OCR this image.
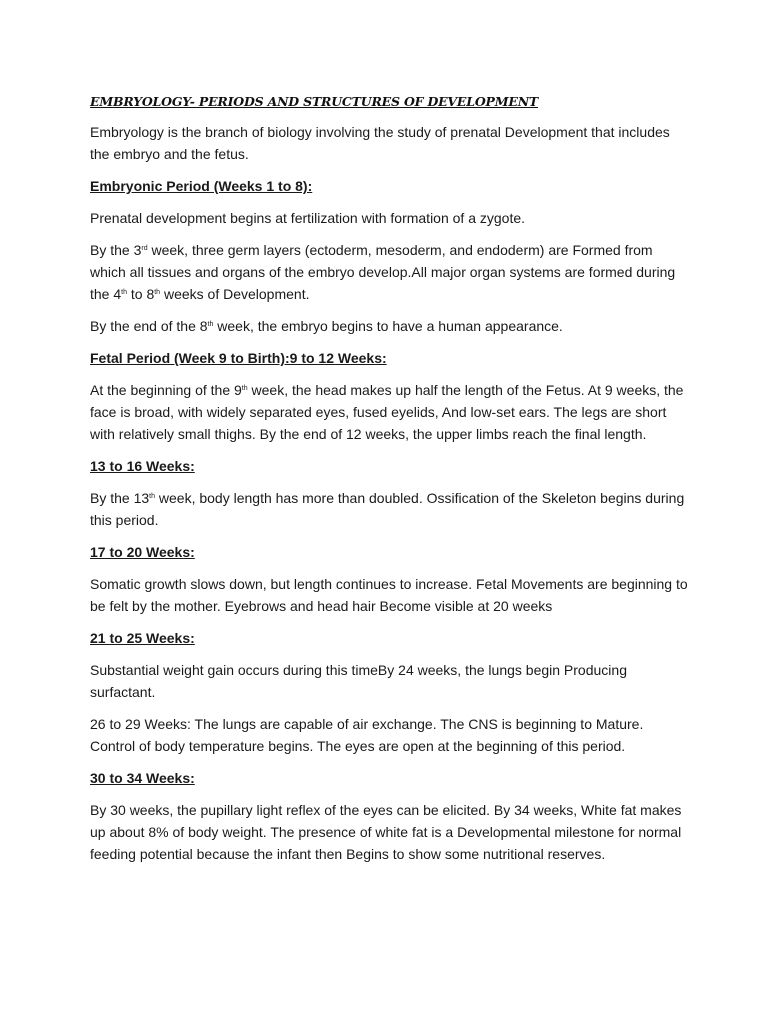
EMBRYOLOGY- PERIODS AND STRUCTURES OF DEVELOPMENT

Embryology is the branch of biology involving the study of prenatal Development that includes the embryo and the fetus.

Embryonic Period (Weeks 1 to 8):

Prenatal development begins at fertilization with formation of a zygote.

By the 3rd week, three germ layers (ectoderm, mesoderm, and endoderm) are Formed from which all tissues and organs of the embryo develop.All major organ systems are formed during the 4th to 8th weeks of Development.

By the end of the 8th week, the embryo begins to have a human appearance.

Fetal Period (Week 9 to Birth):9 to 12 Weeks:

At the beginning of the 9th week, the head makes up half the length of the Fetus. At 9 weeks, the face is broad, with widely separated eyes, fused eyelids, And low-set ears. The legs are short with relatively small thighs. By the end of 12 weeks, the upper limbs reach the final length.

13 to 16 Weeks:

By the 13th week, body length has more than doubled. Ossification of the Skeleton begins during this period.

17 to 20 Weeks:

Somatic growth slows down, but length continues to increase. Fetal Movements are beginning to be felt by the mother. Eyebrows and head hair Become visible at 20 weeks

21 to 25 Weeks:

Substantial weight gain occurs during this timeBy 24 weeks, the lungs begin Producing surfactant.

26 to 29 Weeks: The lungs are capable of air exchange. The CNS is beginning to Mature. Control of body temperature begins. The eyes are open at the beginning of this period.

30 to 34 Weeks:

By 30 weeks, the pupillary light reflex of the eyes can be elicited. By 34 weeks, White fat makes up about 8% of body weight. The presence of white fat is a Developmental milestone for normal feeding potential because the infant then Begins to show some nutritional reserves.
